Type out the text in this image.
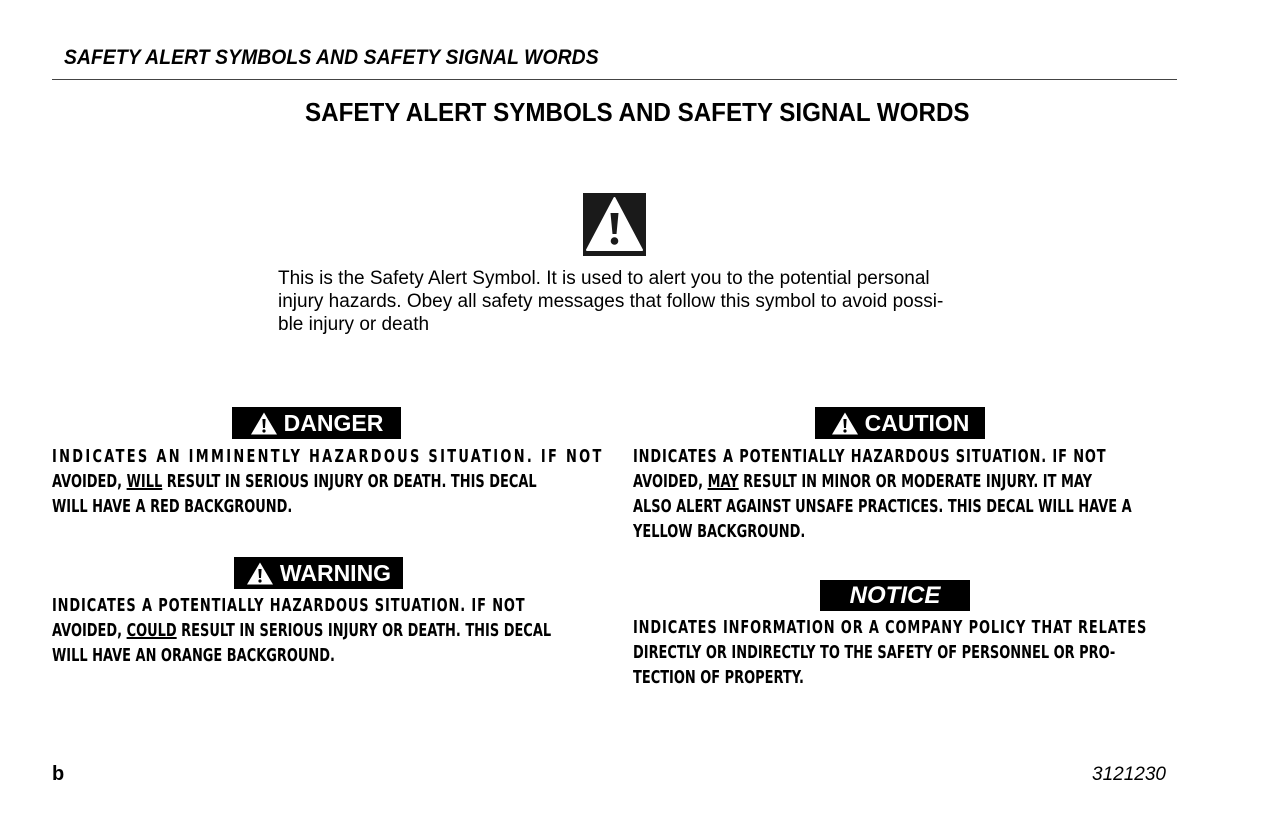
SAFETY ALERT SYMBOLS AND SAFETY SIGNAL WORDS
SAFETY ALERT SYMBOLS AND SAFETY SIGNAL WORDS
This is the Safety Alert Symbol. It is used to alert you to the potential personal
injury hazards. Obey all safety messages that follow this symbol to avoid possi-
ble injury or death
DANGER
INDICATES AN IMMINENTLY HAZARDOUS SITUATION. IF NOT
AVOIDED, WILL RESULT IN SERIOUS INJURY OR DEATH. THIS DECAL
WILL HAVE A RED BACKGROUND.
WARNING
INDICATES A POTENTIALLY HAZARDOUS SITUATION. IF NOT
AVOIDED, COULD RESULT IN SERIOUS INJURY OR DEATH. THIS DECAL
WILL HAVE AN ORANGE BACKGROUND.
CAUTION
INDICATES A POTENTIALLY HAZARDOUS SITUATION. IF NOT
AVOIDED, MAY RESULT IN MINOR OR MODERATE INJURY. IT MAY
ALSO ALERT AGAINST UNSAFE PRACTICES. THIS DECAL WILL HAVE A
YELLOW BACKGROUND.
NOTICE
INDICATES INFORMATION OR A COMPANY POLICY THAT RELATES
DIRECTLY OR INDIRECTLY TO THE SAFETY OF PERSONNEL OR PRO-
TECTION OF PROPERTY.
b	3121230
